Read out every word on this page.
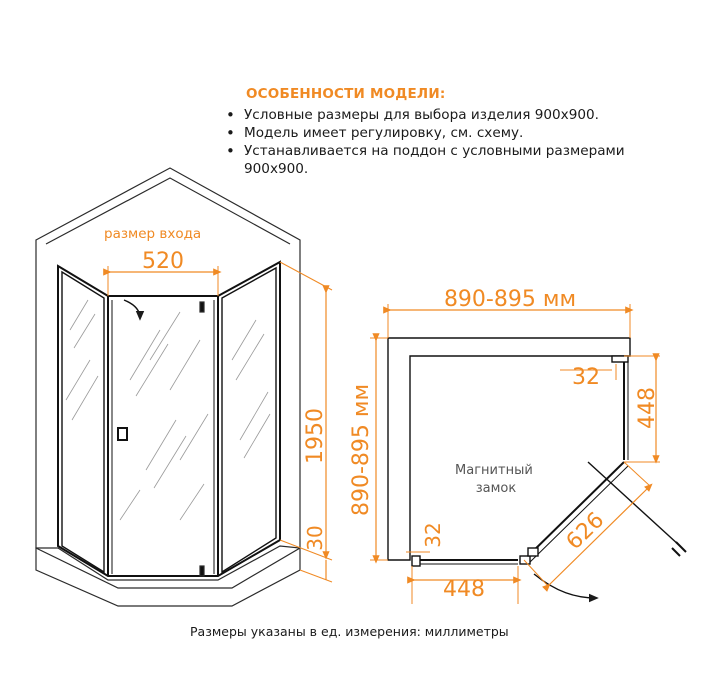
ОСОБЕННОСТИ МОДЕЛИ:
• Условные размеры для выбора изделия 900х900.
• Модель имеет регулировку, см. схему.
• Устанавливается на поддон с условными размерами 900х900.
размер входа
520
1950
30
890-895 мм
890-895 мм
32
448
32
448
626
Магнитный замок
Размеры указаны в ед. измерения: миллиметры
